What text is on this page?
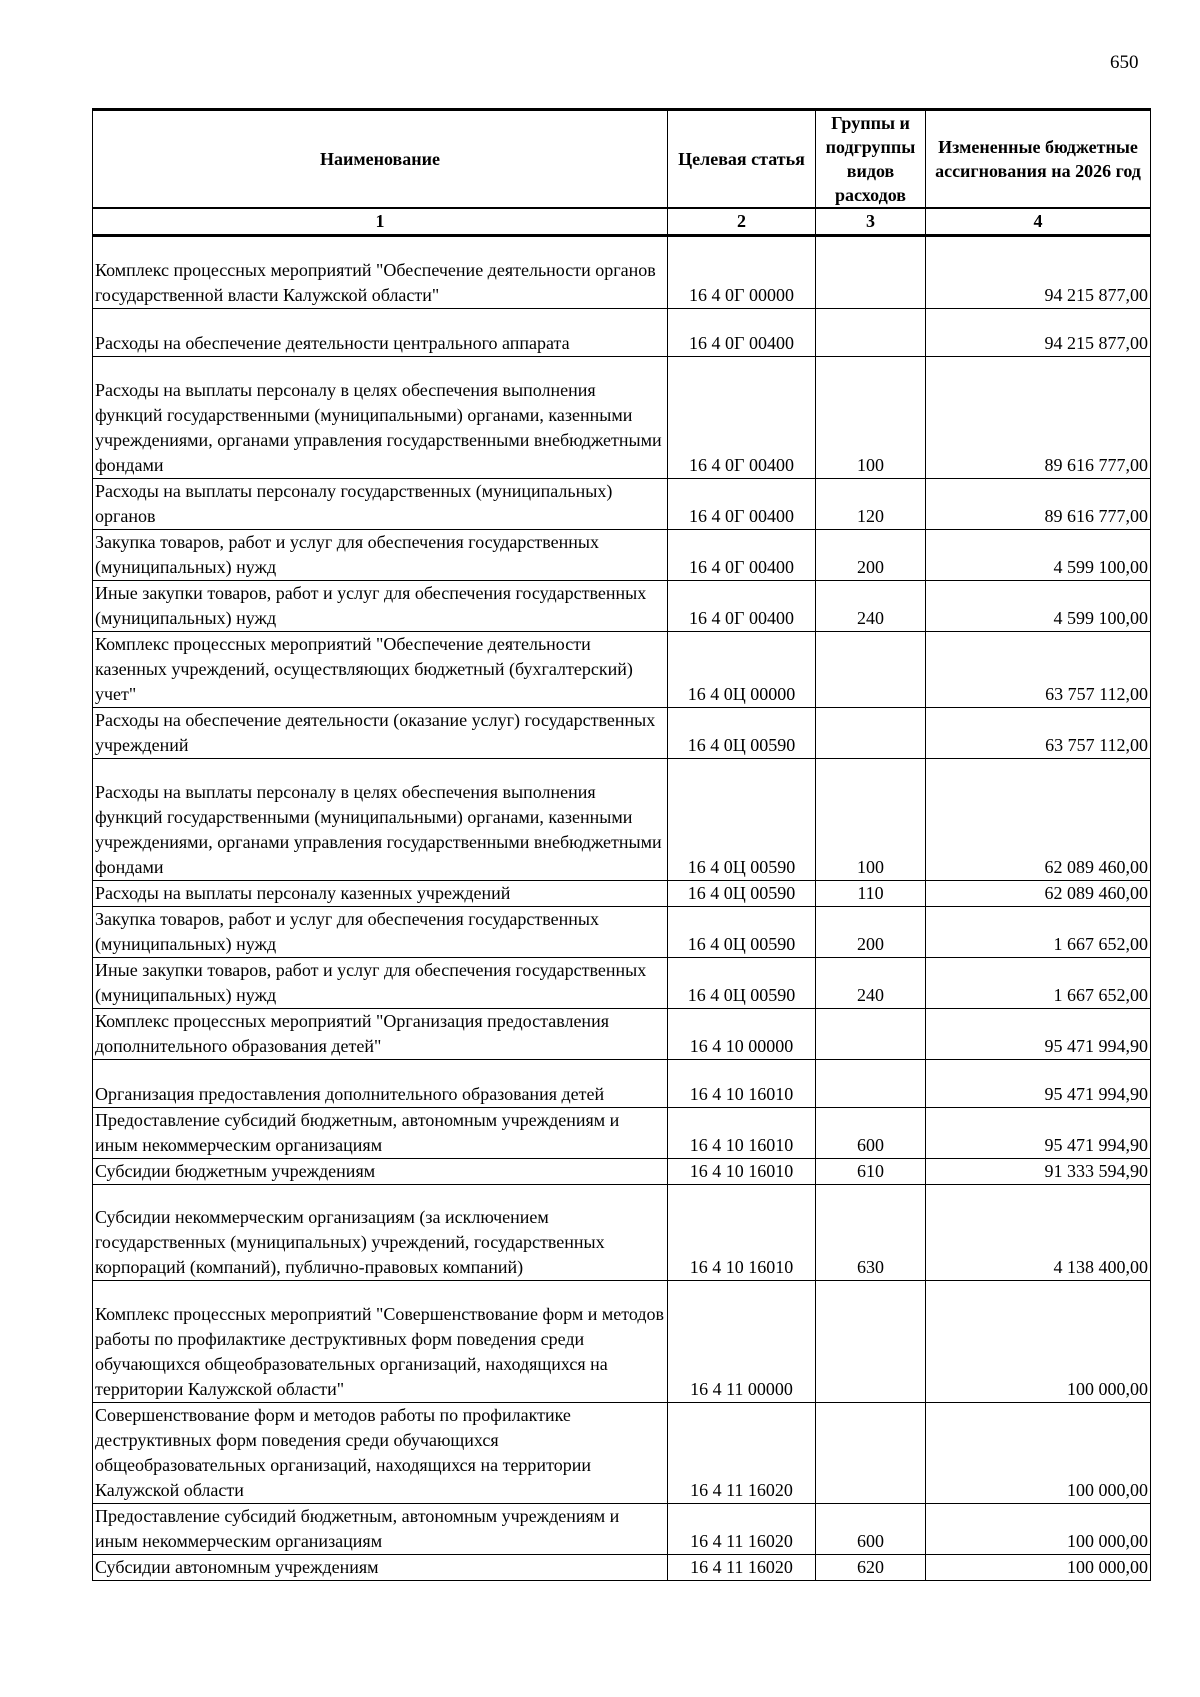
650
Наименование	Целевая статья	Группы и подгруппы видов расходов	Измененные бюджетные ассигнования на 2026 год
1	2	3	4
Комплекс процессных мероприятий "Обеспечение деятельности органов государственной власти Калужской области"	16 4 0Г 00000		94 215 877,00
Расходы на обеспечение деятельности центрального аппарата	16 4 0Г 00400		94 215 877,00
Расходы на выплаты персоналу в целях обеспечения выполнения функций государственными (муниципальными) органами, казенными учреждениями, органами управления государственными внебюджетными фондами	16 4 0Г 00400	100	89 616 777,00
Расходы на выплаты персоналу государственных (муниципальных) органов	16 4 0Г 00400	120	89 616 777,00
Закупка товаров, работ и услуг для обеспечения государственных (муниципальных) нужд	16 4 0Г 00400	200	4 599 100,00
Иные закупки товаров, работ и услуг для обеспечения государственных (муниципальных) нужд	16 4 0Г 00400	240	4 599 100,00
Комплекс процессных мероприятий "Обеспечение деятельности казенных учреждений, осуществляющих бюджетный (бухгалтерский) учет"	16 4 0Ц 00000		63 757 112,00
Расходы на обеспечение деятельности (оказание услуг) государственных учреждений	16 4 0Ц 00590		63 757 112,00
Расходы на выплаты персоналу в целях обеспечения выполнения функций государственными (муниципальными) органами, казенными учреждениями, органами управления государственными внебюджетными фондами	16 4 0Ц 00590	100	62 089 460,00
Расходы на выплаты персоналу казенных учреждений	16 4 0Ц 00590	110	62 089 460,00
Закупка товаров, работ и услуг для обеспечения государственных (муниципальных) нужд	16 4 0Ц 00590	200	1 667 652,00
Иные закупки товаров, работ и услуг для обеспечения государственных (муниципальных) нужд	16 4 0Ц 00590	240	1 667 652,00
Комплекс процессных мероприятий "Организация предоставления дополнительного образования детей"	16 4 10 00000		95 471 994,90
Организация предоставления дополнительного образования детей	16 4 10 16010		95 471 994,90
Предоставление субсидий бюджетным, автономным учреждениям и иным некоммерческим организациям	16 4 10 16010	600	95 471 994,90
Субсидии бюджетным учреждениям	16 4 10 16010	610	91 333 594,90
Субсидии некоммерческим организациям (за исключением государственных (муниципальных) учреждений, государственных корпораций (компаний), публично-правовых компаний)	16 4 10 16010	630	4 138 400,00
Комплекс процессных мероприятий "Совершенствование форм и методов работы по профилактике деструктивных форм поведения среди обучающихся общеобразовательных организаций, находящихся на территории Калужской области"	16 4 11 00000		100 000,00
Совершенствование форм и методов работы по профилактике деструктивных форм поведения среди обучающихся общеобразовательных организаций, находящихся на территории Калужской области	16 4 11 16020		100 000,00
Предоставление субсидий бюджетным, автономным учреждениям и иным некоммерческим организациям	16 4 11 16020	600	100 000,00
Субсидии автономным учреждениям	16 4 11 16020	620	100 000,00
